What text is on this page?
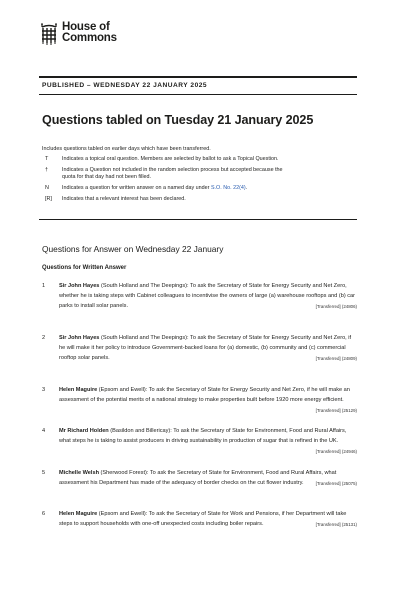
House of
Commons
PUBLISHED – WEDNESDAY 22 JANUARY 2025
Questions tabled on Tuesday 21 January 2025
Includes questions tabled on earlier days which have been transferred.
T	Indicates a topical oral question. Members are selected by ballot to ask a Topical Question.
†	Indicates a Question not included in the random selection process but accepted because the quota for that day had not been filled.
N	Indicates a question for written answer on a named day under S.O. No. 22(4).
[R]	Indicates that a relevant interest has been declared.
Questions for Answer on Wednesday 22 January
Questions for Written Answer
1	Sir John Hayes (South Holland and The Deepings): To ask the Secretary of State for Energy Security and Net Zero, whether he is taking steps with Cabinet colleagues to incentivise the owners of large (a) warehouse rooftops and (b) car parks to install solar panels.	[Transferred] (24806)
2	Sir John Hayes (South Holland and The Deepings): To ask the Secretary of State for Energy Security and Net Zero, if he will make it her policy to introduce Government-backed loans for (a) domestic, (b) community and (c) commercial rooftop solar panels.	[Transferred] (24809)
3	Helen Maguire (Epsom and Ewell): To ask the Secretary of State for Energy Security and Net Zero, if he will make an assessment of the potential merits of a national strategy to make properties built before 1920 more energy efficient.
[Transferred] (25129)
4	Mr Richard Holden (Basildon and Billericay): To ask the Secretary of State for Environment, Food and Rural Affairs, what steps he is taking to assist producers in driving sustainability in production of sugar that is refined in the UK.
[Transferred] (24946)
5	Michelle Welsh (Sherwood Forest): To ask the Secretary of State for Environment, Food and Rural Affairs, what assessment his Department has made of the adequacy of border checks on the cut flower industry.	[Transferred] (25075)
6	Helen Maguire (Epsom and Ewell): To ask the Secretary of State for Work and Pensions, if her Department will take steps to support households with one-off unexpected costs including boiler repairs.	[Transferred] (25131)
